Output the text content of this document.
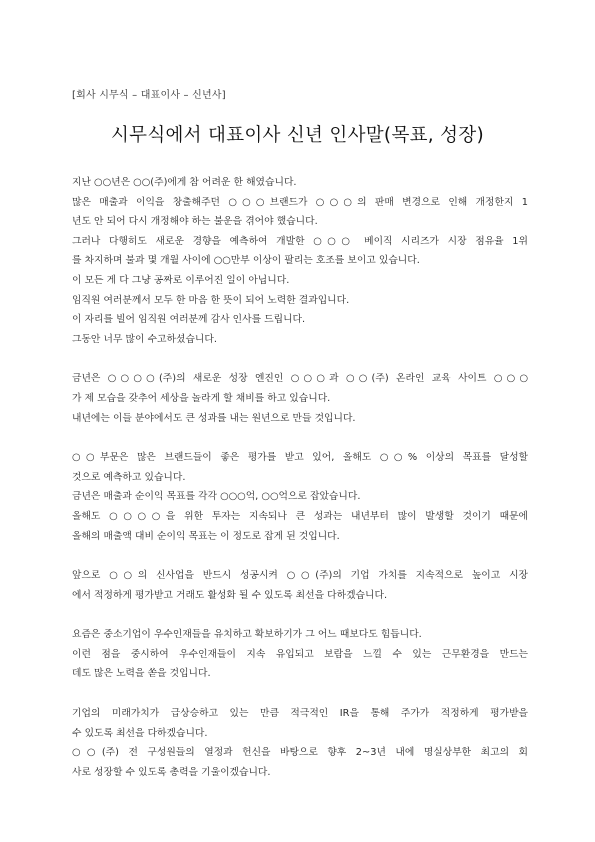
[회사 시무식 – 대표이사 – 신년사]
시무식에서 대표이사 신년 인사말(목표, 성장)
지난 ○○년은 ○○(주)에게 참 어려운 한 해였습니다.
많은 매출과 이익을 창출해주던 ○○○브랜드가 ○○○의 판매 변경으로 인해 개정한지 1
년도 안 되어 다시 개정해야 하는 불운을 겪어야 했습니다.
그러나 다행히도 새로운 경향을 예측하여 개발한 ○○○ 베이직 시리즈가 시장 점유율 1위
를 차지하며 불과 몇 개월 사이에 ○○만부 이상이 팔리는 호조를 보이고 있습니다.
이 모든 게 다 그냥 공짜로 이루어진 일이 아닙니다.
임직원 여러분께서 모두 한 마음 한 뜻이 되어 노력한 결과입니다.
이 자리를 빌어 임직원 여러분께 감사 인사를 드립니다.
그동안 너무 많이 수고하셨습니다.
금년은 ○○○○(주)의 새로운 성장 엔진인 ○○○과 ○○(주) 온라인 교육 사이트 ○○○
가 제 모습을 갖추어 세상을 놀라게 할 채비를 하고 있습니다.
내년에는 이들 분야에서도 큰 성과를 내는 원년으로 만들 것입니다.
○○부문은 많은 브랜드들이 좋은 평가를 받고 있어, 올해도 ○○% 이상의 목표를 달성할
것으로 예측하고 있습니다.
금년은 매출과 순이익 목표를 각각 ○○○억, ○○억으로 잡았습니다.
올해도 ○○○○을 위한 투자는 지속되나 큰 성과는 내년부터 많이 발생할 것이기 때문에
올해의 매출액 대비 순이익 목표는 이 정도로 잡게 된 것입니다.
앞으로 ○○의 신사업을 반드시 성공시켜 ○○(주)의 기업 가치를 지속적으로 높이고 시장
에서 적정하게 평가받고 거래도 활성화 될 수 있도록 최선을 다하겠습니다.
요즘은 중소기업이 우수인재들을 유치하고 확보하기가 그 어느 때보다도 힘듭니다.
이런 점을 중시하여 우수인재들이 지속 유입되고 보람을 느낄 수 있는 근무환경을 만드는
데도 많은 노력을 쏟을 것입니다.
기업의 미래가치가 급상승하고 있는 만큼 적극적인 IR을 통해 주가가 적정하게 평가받을
수 있도록 최선을 다하겠습니다.
○○(주) 전 구성원들의 열정과 헌신을 바탕으로 향후 2~3년 내에 명실상부한 최고의 회
사로 성장할 수 있도록 총력을 기울이겠습니다.
